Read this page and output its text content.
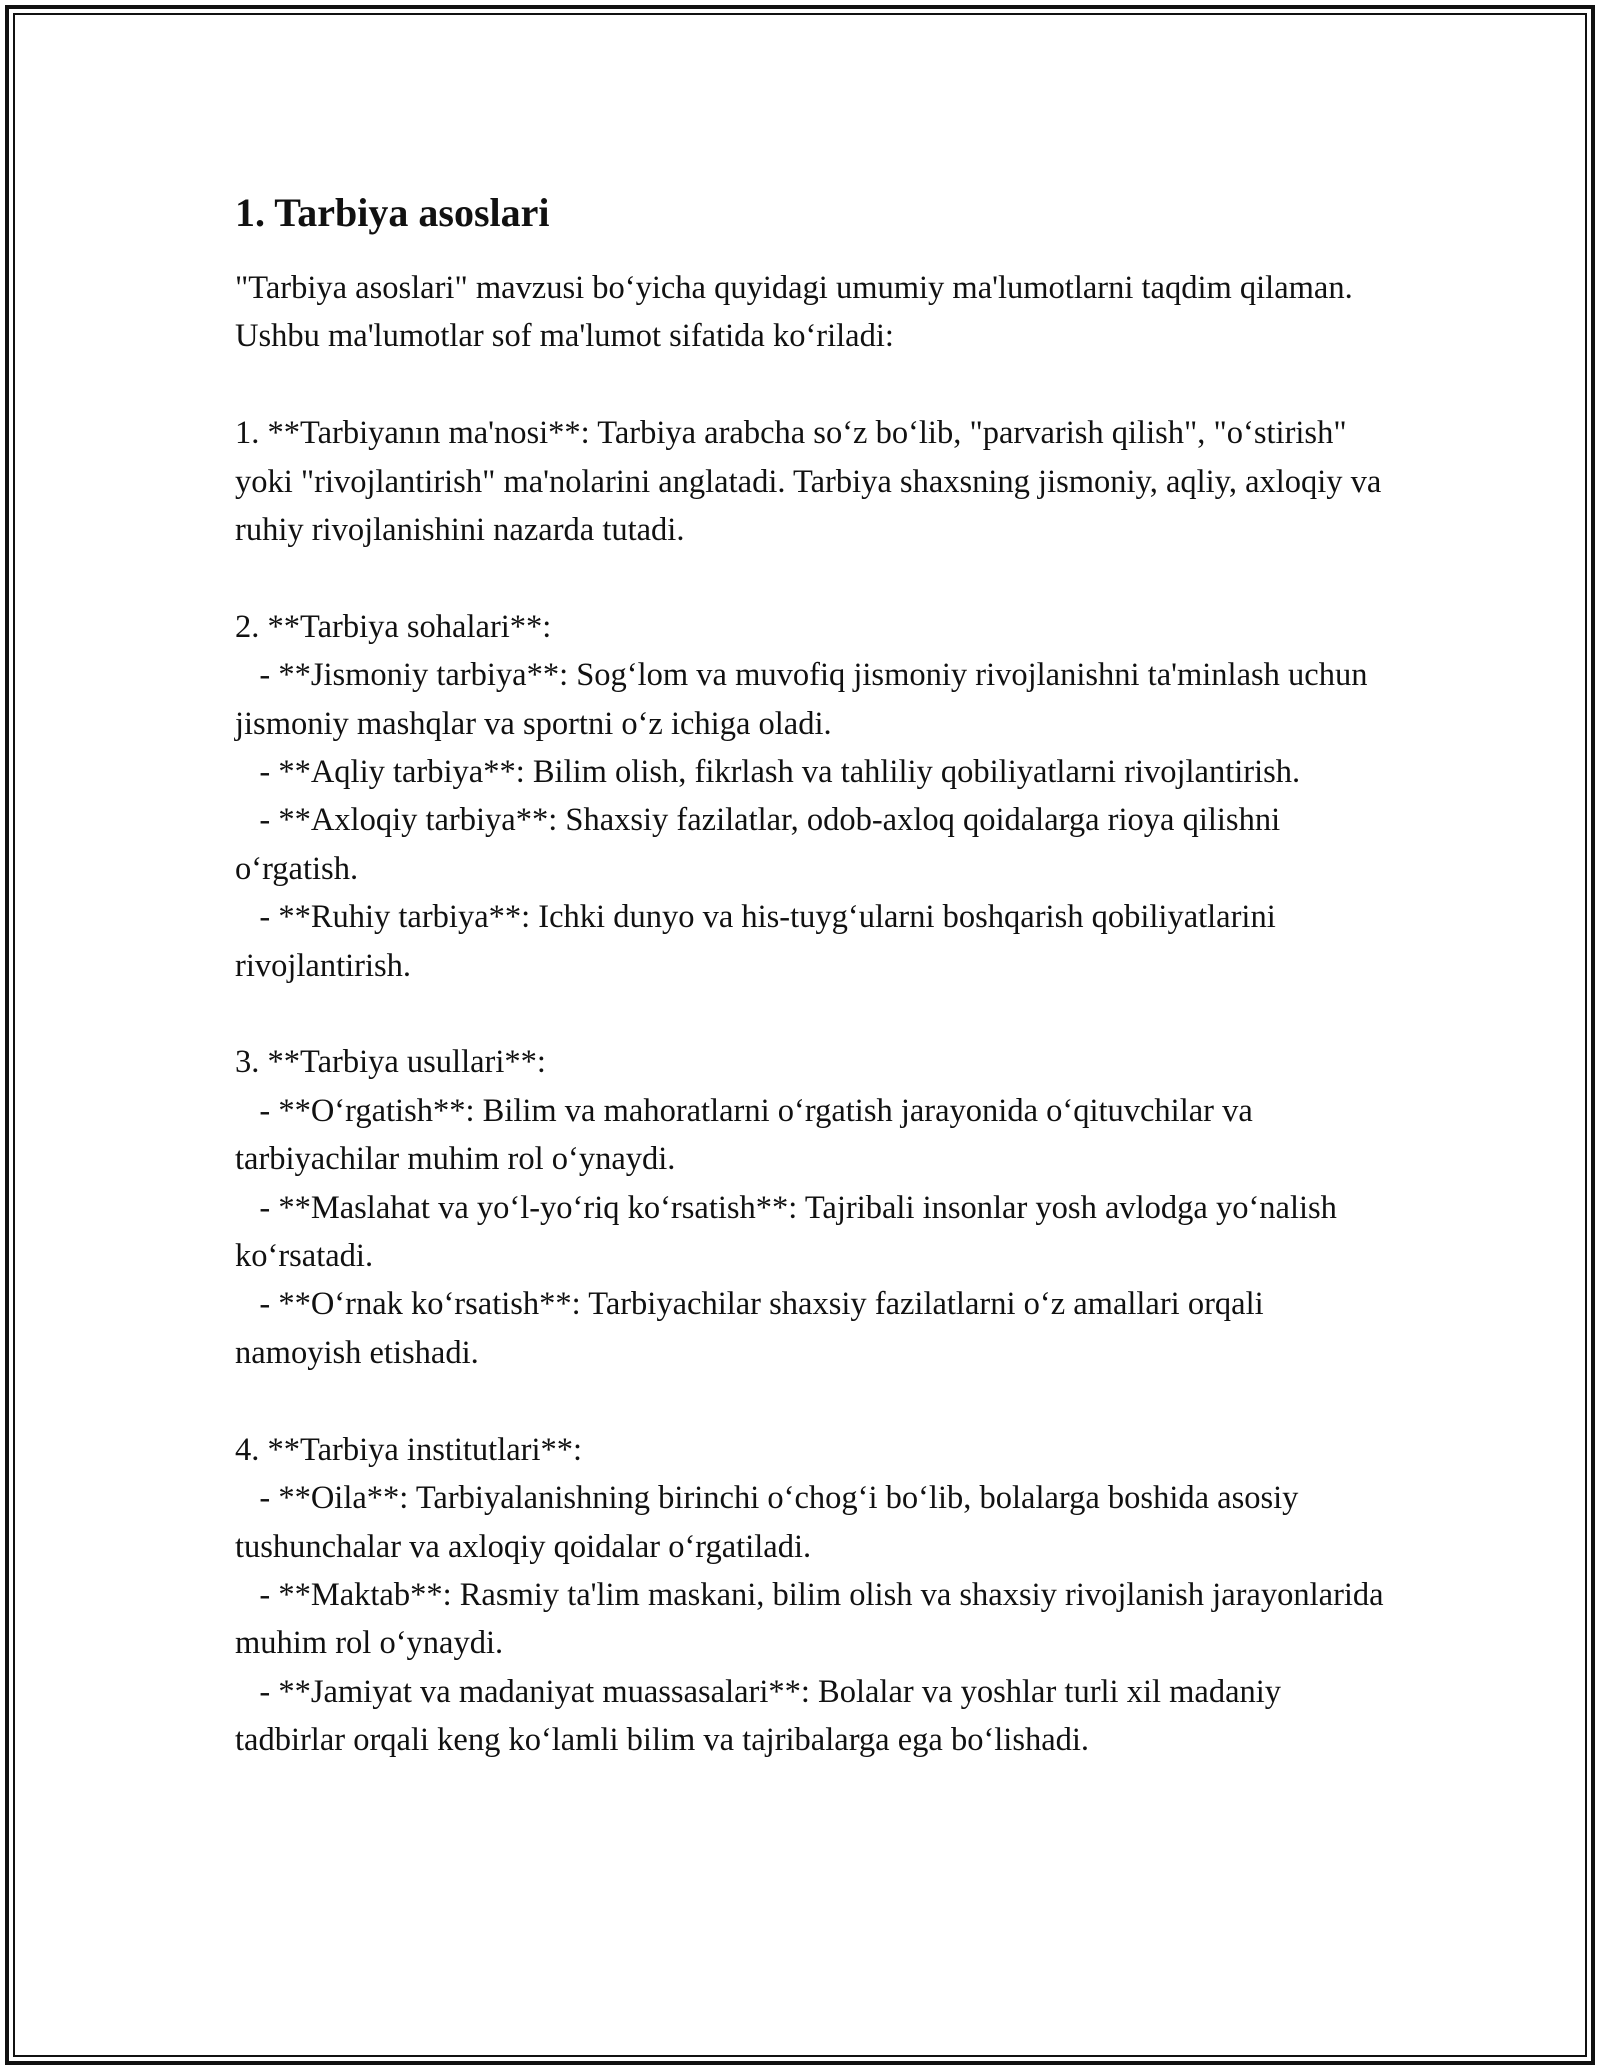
1. Tarbiya asoslari

"Tarbiya asoslari" mavzusi bo‘yicha quyidagi umumiy ma'lumotlarni taqdim qilaman. Ushbu ma'lumotlar sof ma'lumot sifatida ko‘riladi:

1. **Tarbiyanın ma'nosi**: Tarbiya arabcha so‘z bo‘lib, "parvarish qilish", "o‘stirish" yoki "rivojlantirish" ma'nolarini anglatadi. Tarbiya shaxsning jismoniy, aqliy, axloqiy va ruhiy rivojlanishini nazarda tutadi.

2. **Tarbiya sohalari**:

- **Jismoniy tarbiya**: Sog‘lom va muvofiq jismoniy rivojlanishni ta'minlash uchun jismoniy mashqlar va sportni o‘z ichiga oladi.

- **Aqliy tarbiya**: Bilim olish, fikrlash va tahliliy qobiliyatlarni rivojlantirish.

- **Axloqiy tarbiya**: Shaxsiy fazilatlar, odob-axloq qoidalarga rioya qilishni o‘rgatish.

- **Ruhiy tarbiya**: Ichki dunyo va his-tuyg‘ularni boshqarish qobiliyatlarini rivojlantirish.

3. **Tarbiya usullari**:

- **O‘rgatish**: Bilim va mahoratlarni o‘rgatish jarayonida o‘qituvchilar va tarbiyachilar muhim rol o‘ynaydi.

- **Maslahat va yo‘l-yo‘riq ko‘rsatish**: Tajribali insonlar yosh avlodga yo‘nalish ko‘rsatadi.

- **O‘rnak ko‘rsatish**: Tarbiyachilar shaxsiy fazilatlarni o‘z amallari orqali namoyish etishadi.

4. **Tarbiya institutlari**:

- **Oila**: Tarbiyalanishning birinchi o‘chog‘i bo‘lib, bolalarga boshida asosiy tushunchalar va axloqiy qoidalar o‘rgatiladi.

- **Maktab**: Rasmiy ta'lim maskani, bilim olish va shaxsiy rivojlanish jarayonlarida muhim rol o‘ynaydi.

- **Jamiyat va madaniyat muassasalari**: Bolalar va yoshlar turli xil madaniy tadbirlar orqali keng ko‘lamli bilim va tajribalarga ega bo‘lishadi.
